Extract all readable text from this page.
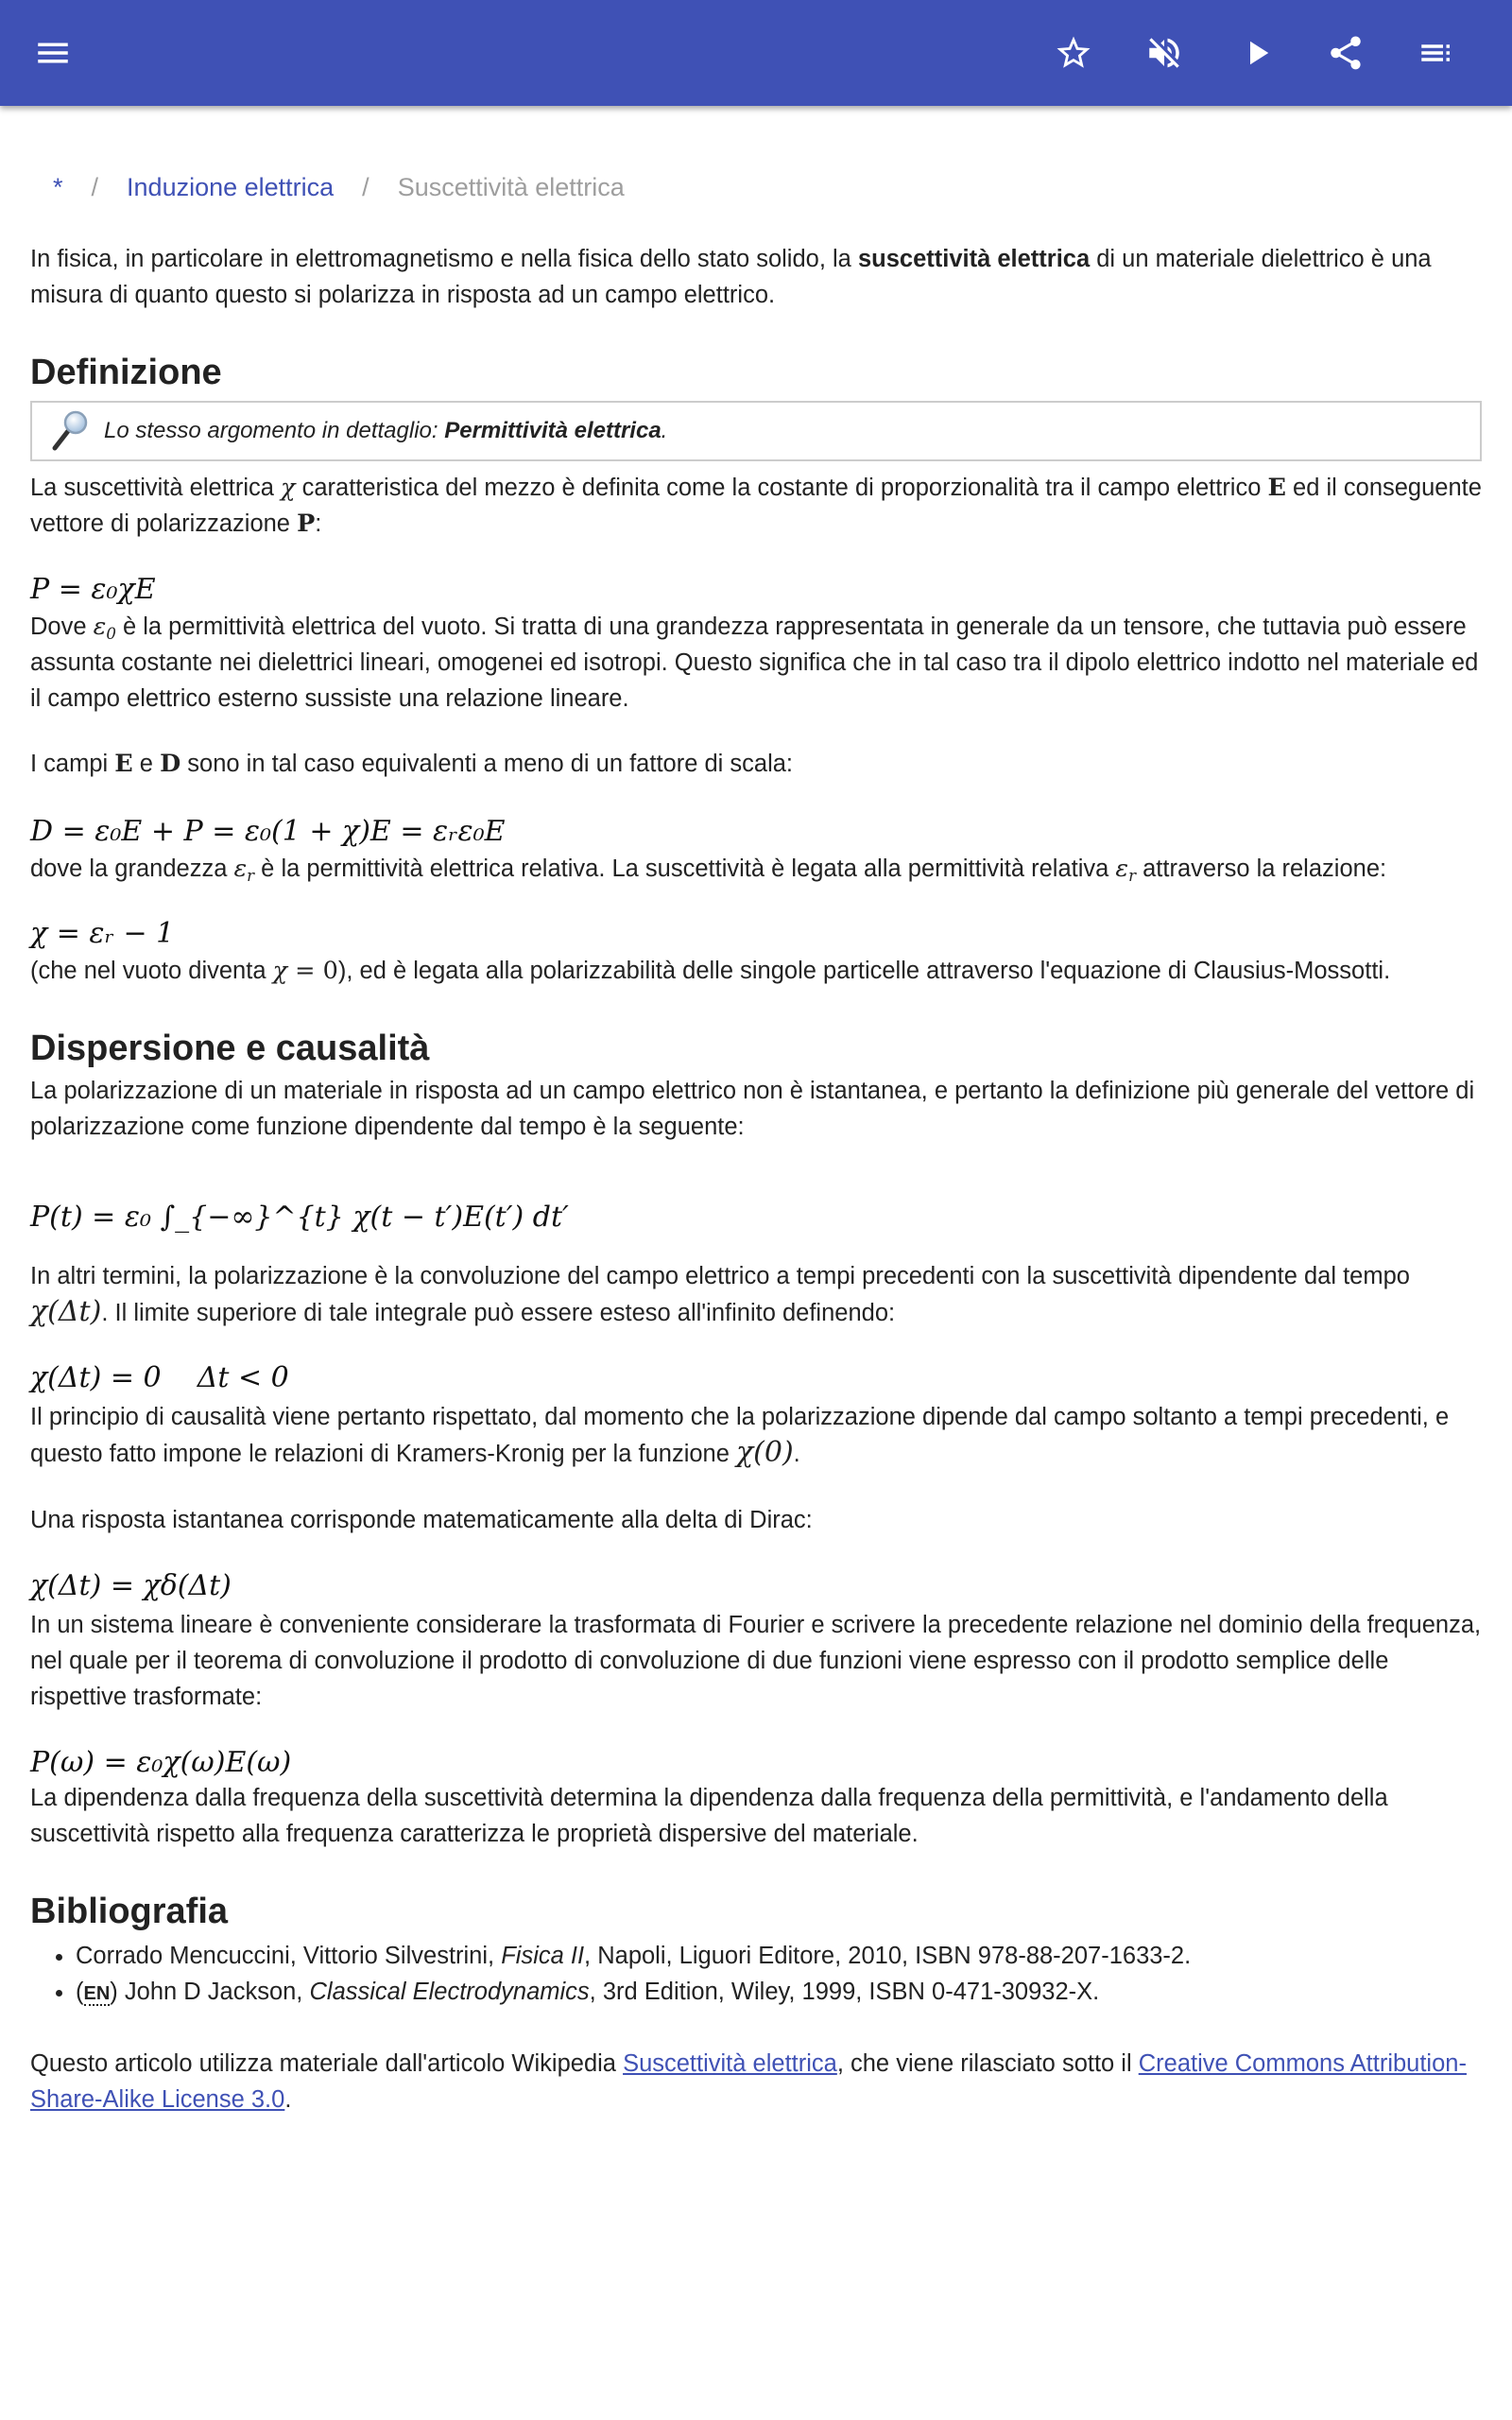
* / Induzione elettrica / Suscettività elettrica
In fisica, in particolare in elettromagnetismo e nella fisica dello stato solido, la suscettività elettrica di un materiale dielettrico è una misura di quanto questo si polarizza in risposta ad un campo elettrico.
Definizione
Lo stesso argomento in dettaglio: Permittività elettrica.
La suscettività elettrica χ caratteristica del mezzo è definita come la costante di proporzionalità tra il campo elettrico E ed il conseguente vettore di polarizzazione P:
P = ε₀χE
Dove $\varepsilon_0$ è la permittività elettrica del vuoto. Si tratta di una grandezza rappresentata in generale da un tensore, che tuttavia può essere assunta costante nei dielettrici lineari, omogenei ed isotropi. Questo significa che in tal caso tra il dipolo elettrico indotto nel materiale ed il campo elettrico esterno sussiste una relazione lineare.
I campi E e D sono in tal caso equivalenti a meno di un fattore di scala:
D = ε₀E + P = ε₀(1 + χ)E = εᵣε₀E
dove la grandezza $\varepsilon_r$ è la permittività elettrica relativa. La suscettività è legata alla permittività relativa $\varepsilon_r$ attraverso la relazione:
χ = εᵣ − 1
(che nel vuoto diventa χ = 0), ed è legata alla polarizzabilità delle singole particelle attraverso l'equazione di Clausius-Mossotti.
Dispersione e causalità
La polarizzazione di un materiale in risposta ad un campo elettrico non è istantanea, e pertanto la definizione più generale del vettore di polarizzazione come funzione dipendente dal tempo è la seguente:
P(t) = ε₀ ∫_{−∞}^{t} χ(t − t′)E(t′) dt′
In altri termini, la polarizzazione è la convoluzione del campo elettrico a tempi precedenti con la suscettività dipendente dal tempo χ(Δt). Il limite superiore di tale integrale può essere esteso all'infinito definendo:
χ(Δt) = 0    Δt < 0
Il principio di causalità viene pertanto rispettato, dal momento che la polarizzazione dipende dal campo soltanto a tempi precedenti, e questo fatto impone le relazioni di Kramers-Kronig per la funzione χ(0).
Una risposta istantanea corrisponde matematicamente alla delta di Dirac:
χ(Δt) = χδ(Δt)
In un sistema lineare è conveniente considerare la trasformata di Fourier e scrivere la precedente relazione nel dominio della frequenza, nel quale per il teorema di convoluzione il prodotto di convoluzione di due funzioni viene espresso con il prodotto semplice delle rispettive trasformate:
P(ω) = ε₀χ(ω)E(ω)
La dipendenza dalla frequenza della suscettività determina la dipendenza dalla frequenza della permittività, e l'andamento della suscettività rispetto alla frequenza caratterizza le proprietà dispersive del materiale.
Bibliografia
• Corrado Mencuccini, Vittorio Silvestrini, Fisica II, Napoli, Liguori Editore, 2010, ISBN 978-88-207-1633-2.
• (EN) John D Jackson, Classical Electrodynamics, 3rd Edition, Wiley, 1999, ISBN 0-471-30932-X.
Questo articolo utilizza materiale dall'articolo Wikipedia Suscettività elettrica, che viene rilasciato sotto il Creative Commons Attribution-Share-Alike License 3.0.
